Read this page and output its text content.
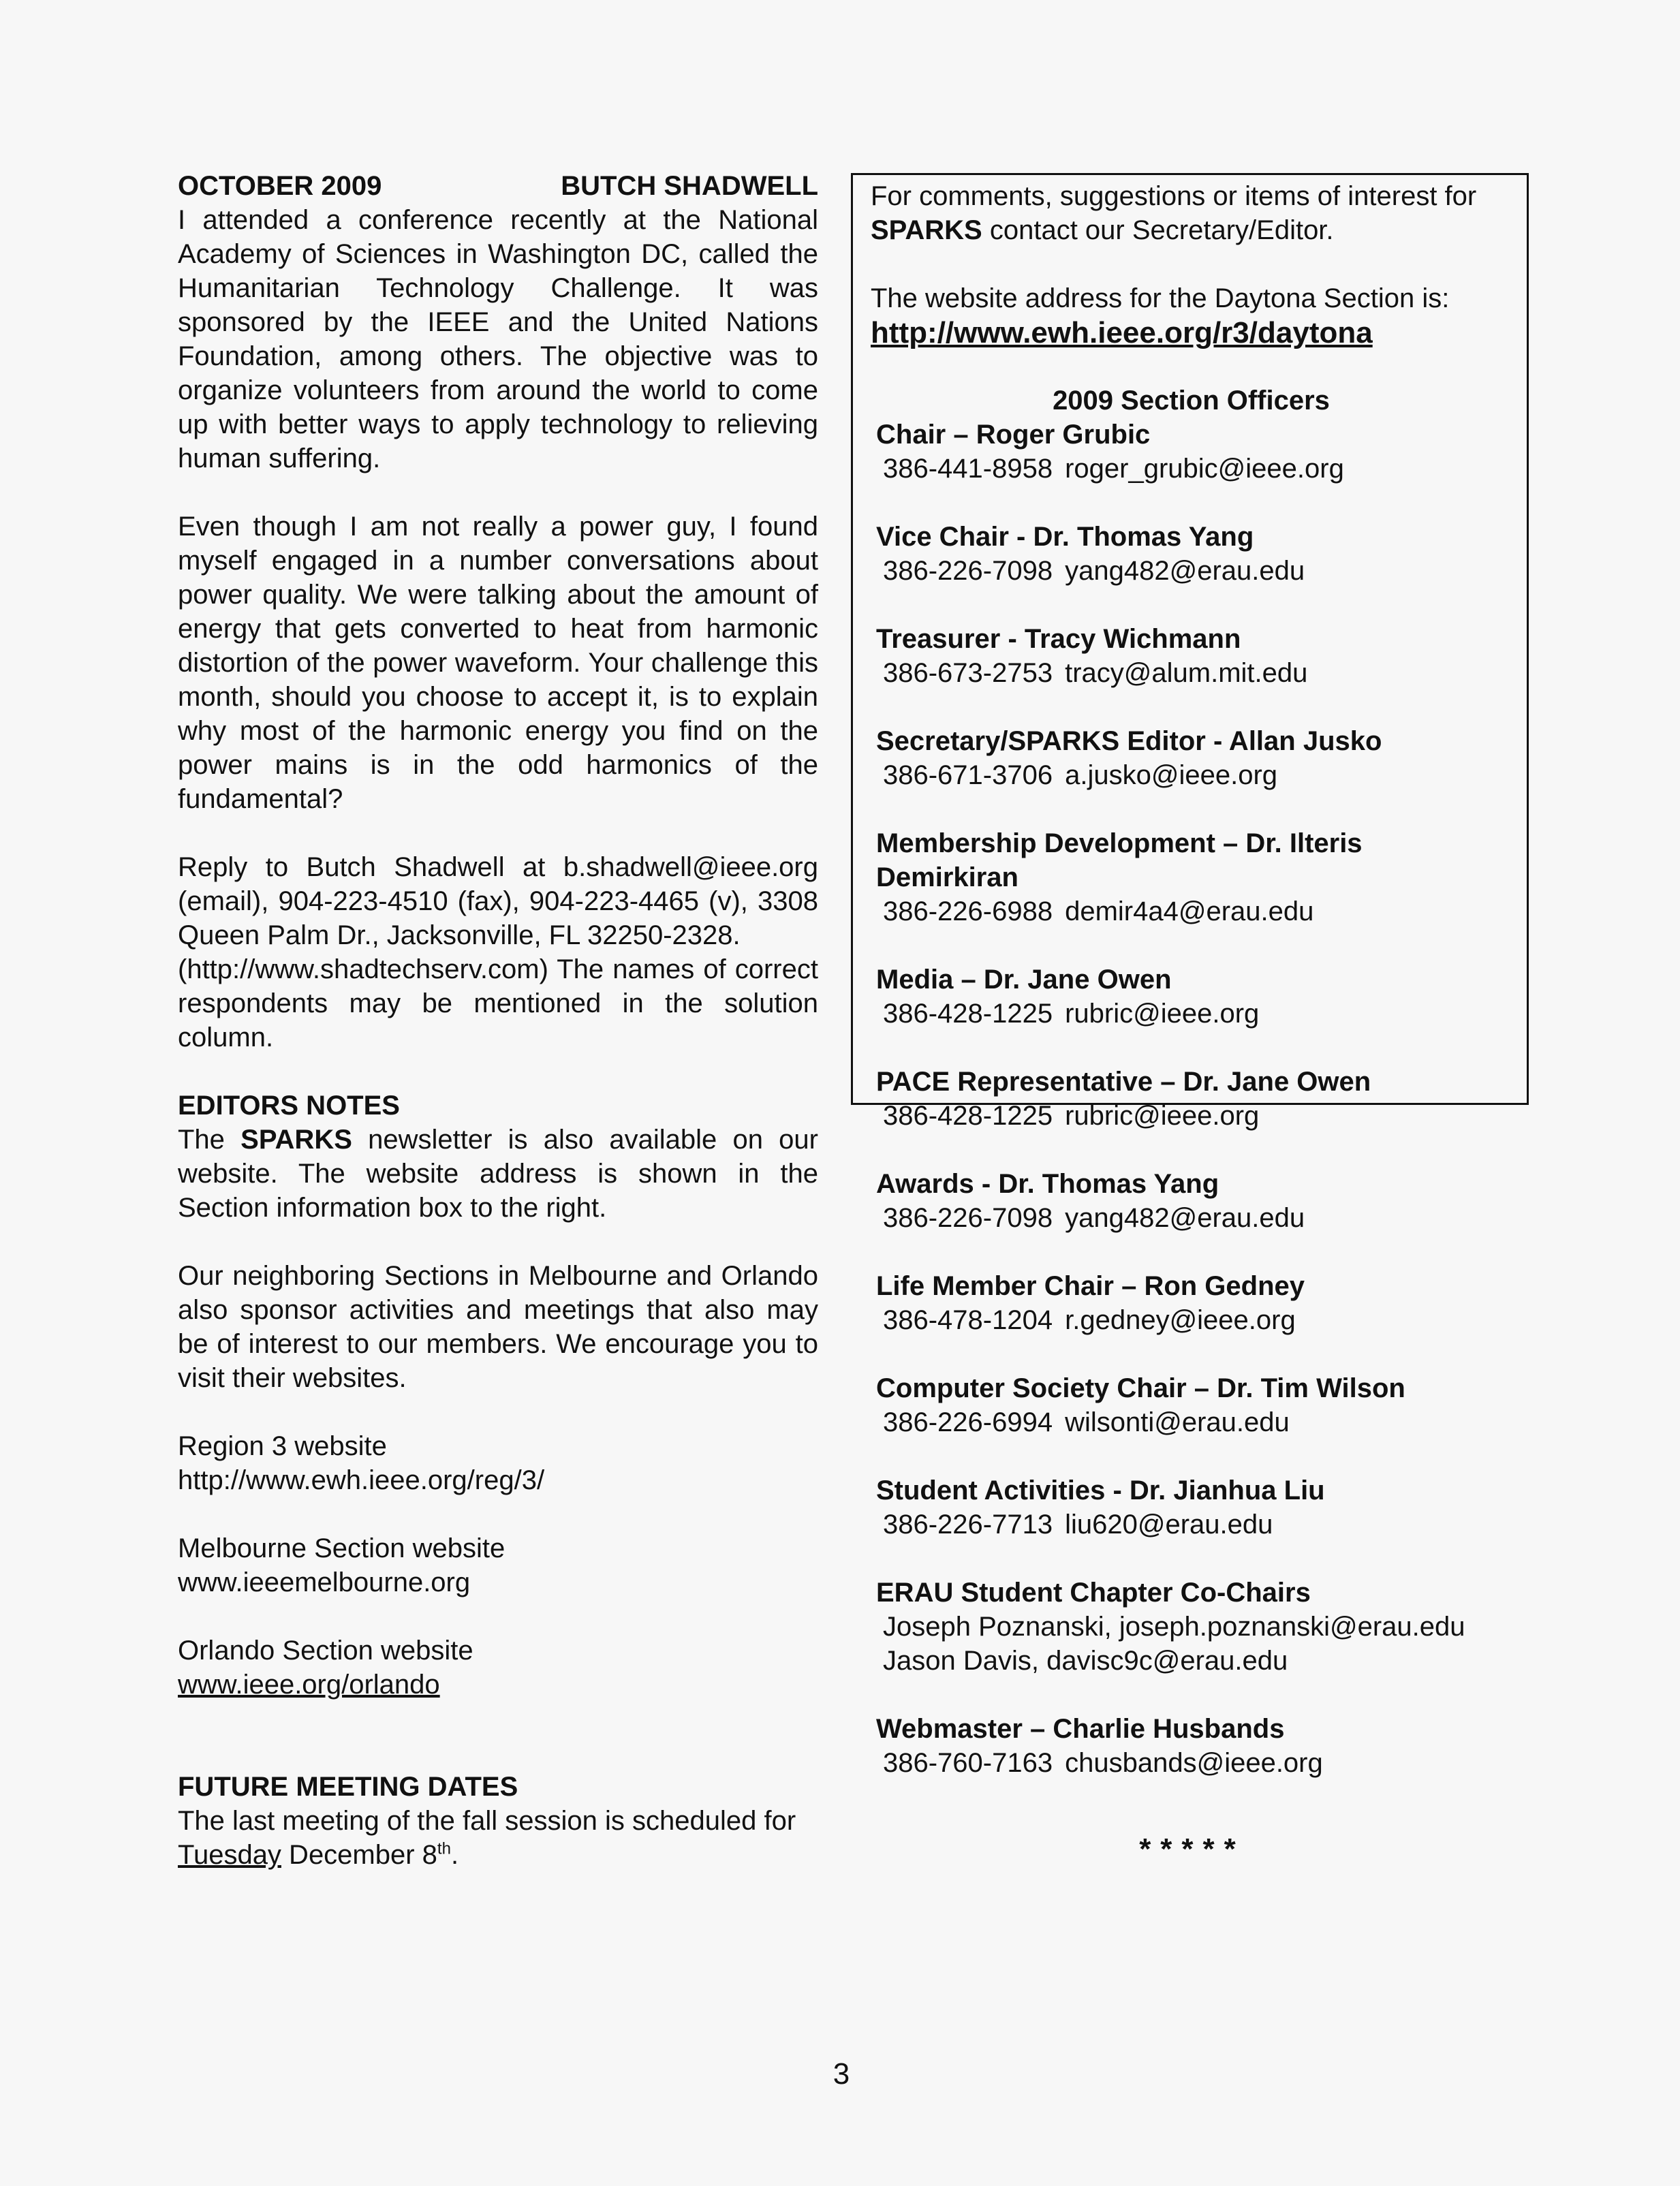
OCTOBER 2009	BUTCH SHADWELL

I attended a conference recently at the National Academy of Sciences in Washington DC, called the Humanitarian Technology Challenge. It was sponsored by the IEEE and the United Nations Foundation, among others. The objective was to organize volunteers from around the world to come up with better ways to apply technology to relieving human suffering.

Even though I am not really a power guy, I found myself engaged in a number conversations about power quality. We were talking about the amount of energy that gets converted to heat from harmonic distortion of the power waveform. Your challenge this month, should you choose to accept it, is to explain why most of the harmonic energy you find on the power mains is in the odd harmonics of the fundamental?

Reply to Butch Shadwell at b.shadwell@ieee.org (email), 904-223-4510 (fax), 904-223-4465 (v), 3308 Queen Palm Dr., Jacksonville, FL 32250-2328.

(http://www.shadtechserv.com) The names of correct respondents may be mentioned in the solution column.

EDITORS NOTES

The SPARKS newsletter is also available on our website. The website address is shown in the Section information box to the right.

Our neighboring Sections in Melbourne and Orlando also sponsor activities and meetings that also may be of interest to our members. We encourage you to visit their websites.

Region 3 website

http://www.ewh.ieee.org/reg/3/

Melbourne Section website

www.ieeemelbourne.org

Orlando Section website

www.ieee.org/orlando

FUTURE MEETING DATES

The last meeting of the fall session is scheduled for Tuesday December 8th.

For comments, suggestions or items of interest for SPARKS contact our Secretary/Editor.

The website address for the Daytona Section is:

http://www.ewh.ieee.org/r3/daytona

2009 Section Officers

Chair – Roger Grubic
386-441-8958 roger_grubic@ieee.org
Vice Chair - Dr. Thomas Yang
386-226-7098 yang482@erau.edu
Treasurer - Tracy Wichmann
386-673-2753 tracy@alum.mit.edu
Secretary/SPARKS Editor - Allan Jusko
386-671-3706 a.jusko@ieee.org
Membership Development – Dr. Ilteris Demirkiran
386-226-6988 demir4a4@erau.edu
Media – Dr. Jane Owen
386-428-1225 rubric@ieee.org
PACE Representative – Dr. Jane Owen
386-428-1225 rubric@ieee.org
Awards - Dr. Thomas Yang
386-226-7098 yang482@erau.edu
Life Member Chair – Ron Gedney
386-478-1204 r.gedney@ieee.org
Computer Society Chair – Dr. Tim Wilson
386-226-6994 wilsonti@erau.edu
Student Activities - Dr. Jianhua Liu
386-226-7713 liu620@erau.edu
ERAU Student Chapter Co-Chairs
Joseph Poznanski, joseph.poznanski@erau.edu
Jason Davis, davisc9c@erau.edu
Webmaster – Charlie Husbands
386-760-7163 chusbands@ieee.org
*****
3
